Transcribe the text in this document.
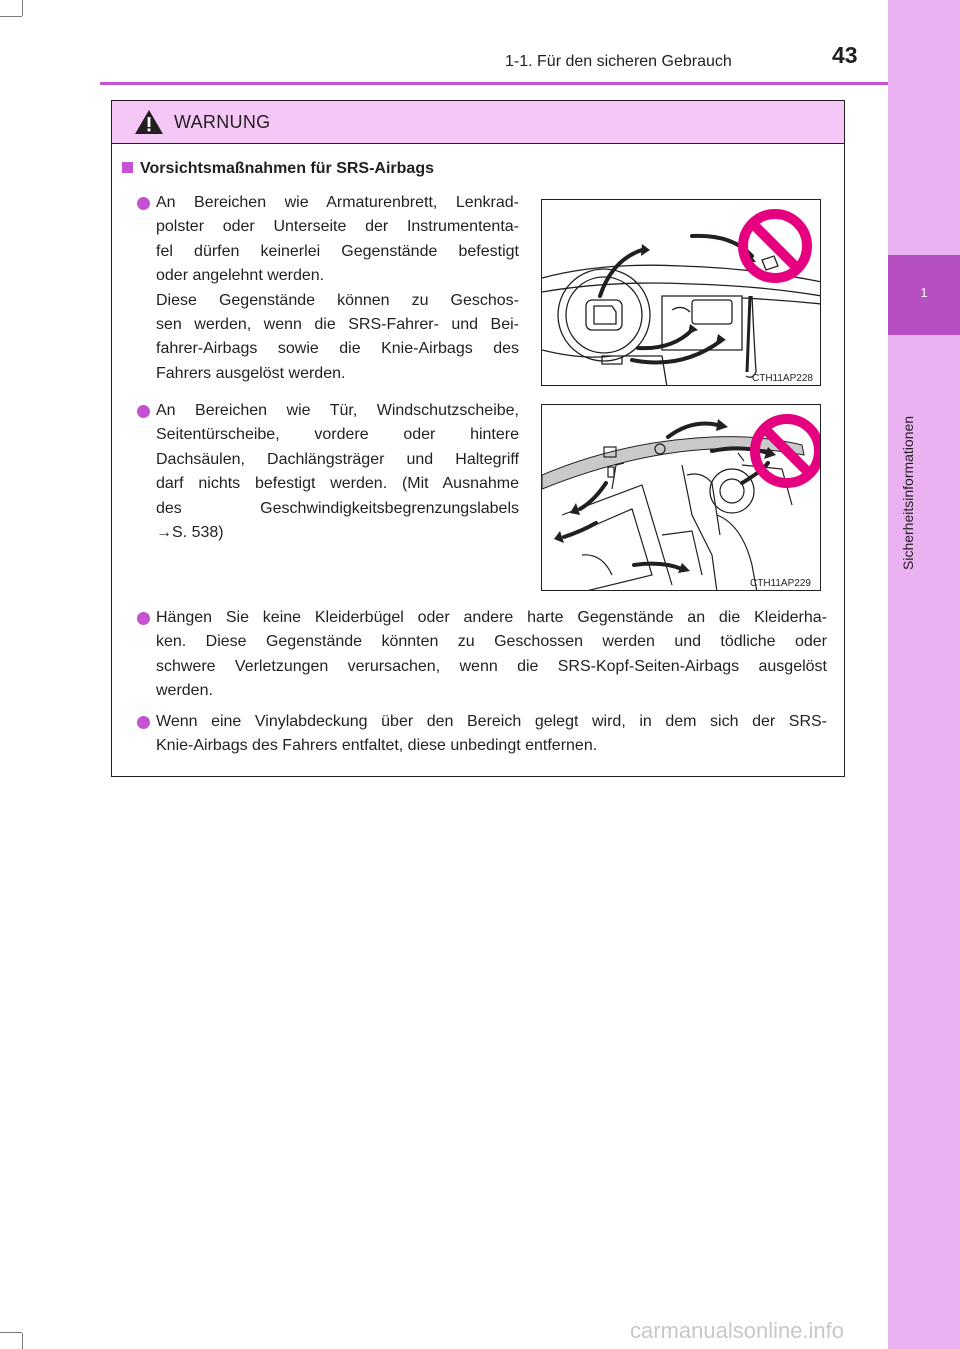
1
Sicherheitsinformationen
1-1. Für den sicheren Gebrauch	43
WARNUNG
Vorsichtsmaßnahmen für SRS-Airbags
An Bereichen wie Armaturenbrett, Lenkrad-
polster oder Unterseite der Instrumententa-
fel dürfen keinerlei Gegenstände befestigt
oder angelehnt werden.
Diese Gegenstände können zu Geschos-
sen werden, wenn die SRS-Fahrer- und Bei-
fahrer-Airbags sowie die Knie-Airbags des
Fahrers ausgelöst werden.	CTH11AP228
An Bereichen wie Tür, Windschutzscheibe,
Seitentürscheibe, vordere oder hintere
Dachsäulen, Dachlängsträger und Haltegriff
darf nichts befestigt werden. (Mit Ausnahme
des Geschwindigkeitsbegrenzungslabels
→S. 538)
CTH11AP229
Hängen Sie keine Kleiderbügel oder andere harte Gegenstände an die Kleiderha-
ken. Diese Gegenstände könnten zu Geschossen werden und tödliche oder
schwere Verletzungen verursachen, wenn die SRS-Kopf-Seiten-Airbags ausgelöst
werden.
Wenn eine Vinylabdeckung über den Bereich gelegt wird, in dem sich der SRS-
Knie-Airbags des Fahrers entfaltet, diese unbedingt entfernen.
carmanualsonline.info
